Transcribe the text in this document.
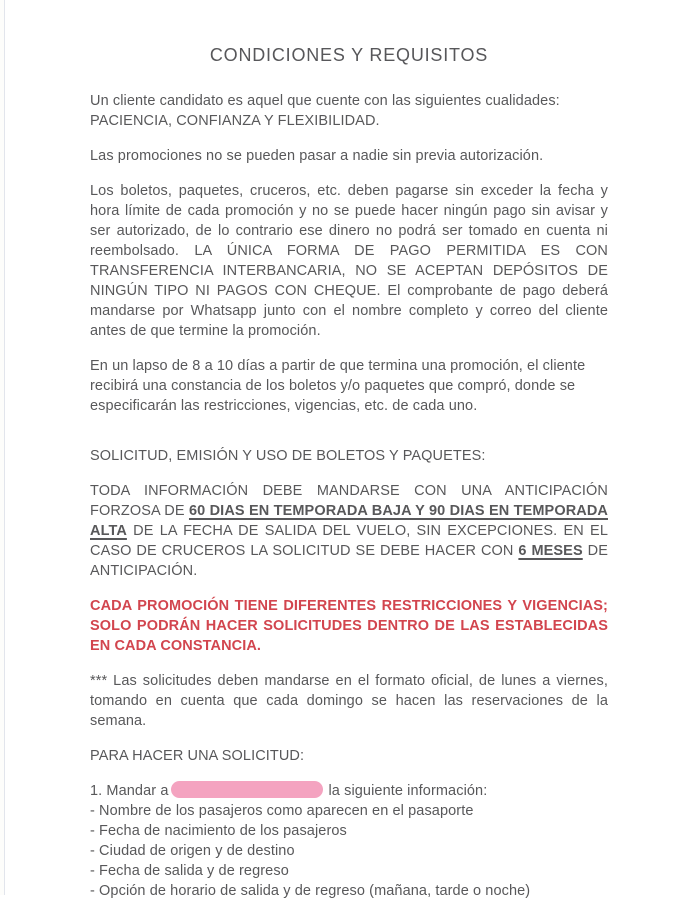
CONDICIONES Y REQUISITOS

Un cliente candidato es aquel que cuente con las siguientes cualidades:
PACIENCIA, CONFIANZA Y FLEXIBILIDAD.

Las promociones no se pueden pasar a nadie sin previa autorización.

Los boletos, paquetes, cruceros, etc. deben pagarse sin exceder la fecha y hora límite de cada promoción y no se puede hacer ningún pago sin avisar y ser autorizado, de lo contrario ese dinero no podrá ser tomado en cuenta ni reembolsado. LA ÚNICA FORMA DE PAGO PERMITIDA ES CON TRANSFERENCIA INTERBANCARIA, NO SE ACEPTAN DEPÓSITOS DE NINGÚN TIPO NI PAGOS CON CHEQUE. El comprobante de pago deberá mandarse por Whatsapp junto con el nombre completo y correo del cliente antes de que termine la promoción.

En un lapso de 8 a 10 días a partir de que termina una promoción, el cliente recibirá una constancia de los boletos y/o paquetes que compró, donde se especificarán las restricciones, vigencias, etc. de cada uno.

SOLICITUD, EMISIÓN Y USO DE BOLETOS Y PAQUETES:

TODA INFORMACIÓN DEBE MANDARSE CON UNA ANTICIPACIÓN FORZOSA DE 60 DIAS EN TEMPORADA BAJA Y 90 DIAS EN TEMPORADA ALTA DE LA FECHA DE SALIDA DEL VUELO, SIN EXCEPCIONES. EN EL CASO DE CRUCEROS LA SOLICITUD SE DEBE HACER CON 6 MESES DE ANTICIPACIÓN.

CADA PROMOCIÓN TIENE DIFERENTES RESTRICCIONES Y VIGENCIAS; SOLO PODRÁN HACER SOLICITUDES DENTRO DE LAS ESTABLECIDAS EN CADA CONSTANCIA.

*** Las solicitudes deben mandarse en el formato oficial, de lunes a viernes, tomando en cuenta que cada domingo se hacen las reservaciones de la semana.

PARA HACER UNA SOLICITUD:

1. Mandar a	la siguiente información:
- Nombre de los pasajeros como aparecen en el pasaporte
- Fecha de nacimiento de los pasajeros
- Ciudad de origen y de destino
- Fecha de salida y de regreso
- Opción de horario de salida y de regreso (mañana, tarde o noche)
